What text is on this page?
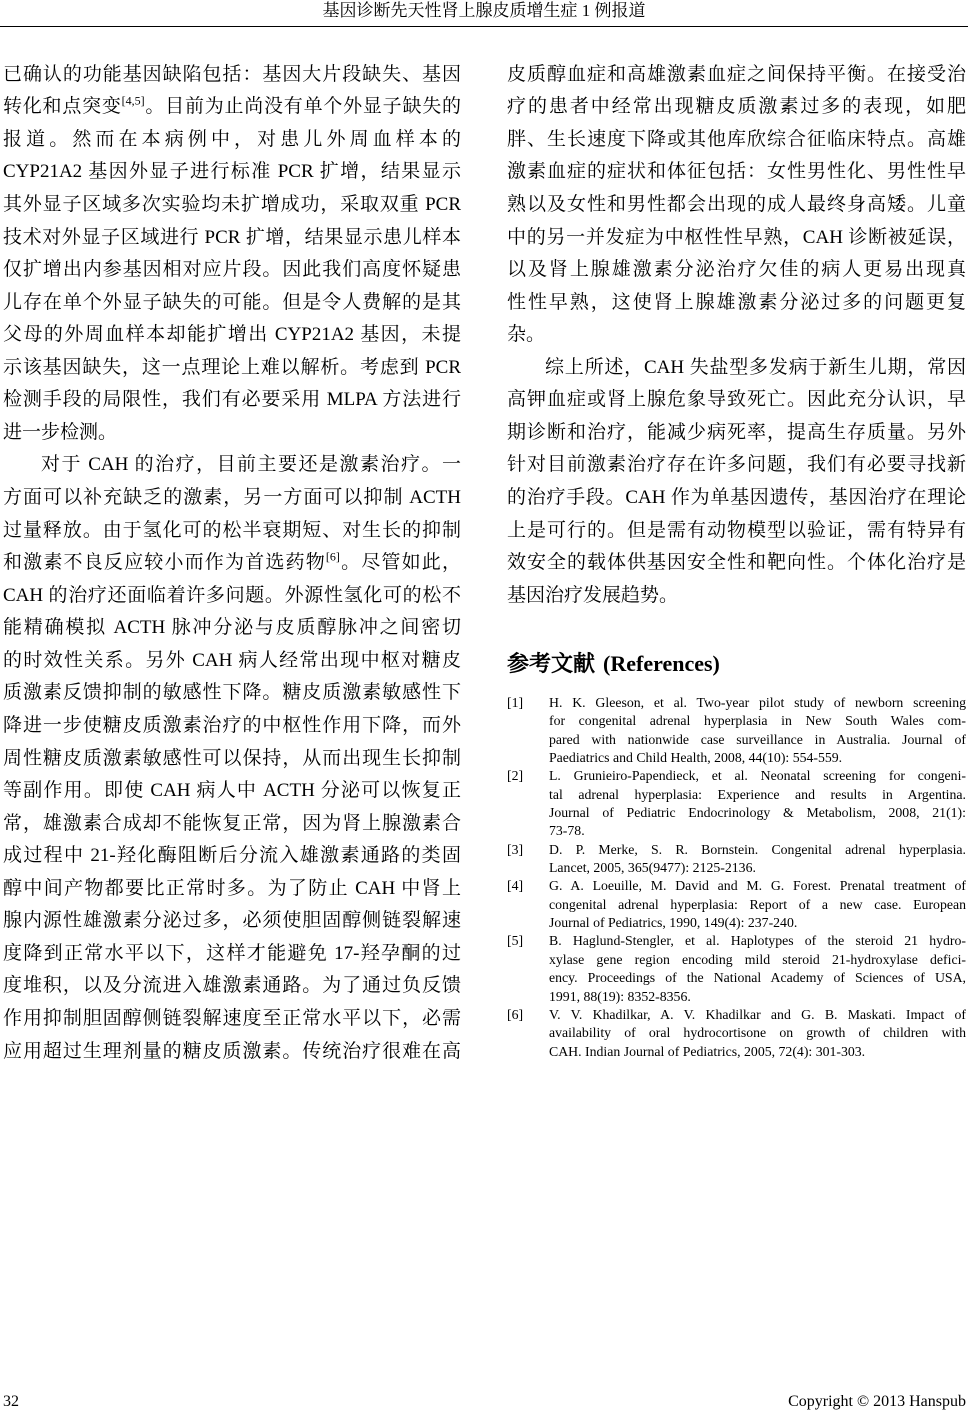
基因诊断先天性肾上腺皮质增生症 1 例报道
已确认的功能基因缺陷包括：基因大片段缺失、基因
转化和点突变[4,5]。目前为止尚没有单个外显子缺失的
报道。然而在本病例中，对患儿外周血样本的
CYP21A2 基因外显子进行标准 PCR 扩增，结果显示
其外显子区域多次实验均未扩增成功，采取双重 PCR
技术对外显子区域进行 PCR 扩增，结果显示患儿样本
仅扩增出内参基因相对应片段。因此我们高度怀疑患
儿存在单个外显子缺失的可能。但是令人费解的是其
父母的外周血样本却能扩增出 CYP21A2 基因，未提
示该基因缺失，这一点理论上难以解析。考虑到 PCR
检测手段的局限性，我们有必要采用 MLPA 方法进行
进一步检测。
对于 CAH 的治疗，目前主要还是激素治疗。一
方面可以补充缺乏的激素，另一方面可以抑制 ACTH
过量释放。由于氢化可的松半衰期短、对生长的抑制
和激素不良反应较小而作为首选药物[6]。尽管如此，
CAH 的治疗还面临着许多问题。外源性氢化可的松不
能精确模拟 ACTH 脉冲分泌与皮质醇脉冲之间密切
的时效性关系。另外 CAH 病人经常出现中枢对糖皮
质激素反馈抑制的敏感性下降。糖皮质激素敏感性下
降进一步使糖皮质激素治疗的中枢性作用下降，而外
周性糖皮质激素敏感性可以保持，从而出现生长抑制
等副作用。即使 CAH 病人中 ACTH 分泌可以恢复正
常，雄激素合成却不能恢复正常，因为肾上腺激素合
成过程中 21-羟化酶阻断后分流入雄激素通路的类固
醇中间产物都要比正常时多。为了防止 CAH 中肾上
腺内源性雄激素分泌过多，必须使胆固醇侧链裂解速
度降到正常水平以下，这样才能避免 17-羟孕酮的过
度堆积，以及分流进入雄激素通路。为了通过负反馈
作用抑制胆固醇侧链裂解速度至正常水平以下，必需
应用超过生理剂量的糖皮质激素。传统治疗很难在高
皮质醇血症和高雄激素血症之间保持平衡。在接受治
疗的患者中经常出现糖皮质激素过多的表现，如肥
胖、生长速度下降或其他库欣综合征临床特点。高雄
激素血症的症状和体征包括：女性男性化、男性性早
熟以及女性和男性都会出现的成人最终身高矮。儿童
中的另一并发症为中枢性性早熟，CAH 诊断被延误，
以及肾上腺雄激素分泌治疗欠佳的病人更易出现真
性性早熟，这使肾上腺雄激素分泌过多的问题更复
杂。
综上所述，CAH 失盐型多发病于新生儿期，常因
高钾血症或肾上腺危象导致死亡。因此充分认识，早
期诊断和治疗，能减少病死率，提高生存质量。另外
针对目前激素治疗存在许多问题，我们有必要寻找新
的治疗手段。CAH 作为单基因遗传，基因治疗在理论
上是可行的。但是需有动物模型以验证，需有特异有
效安全的载体供基因安全性和靶向性。个体化治疗是
基因治疗发展趋势。
参考文献 (References)
[1] H. K. Gleeson, et al. Two-year pilot study of newborn screening
for congenital adrenal hyperplasia in New South Wales com-
pared with nationwide case surveillance in Australia. Journal of
Paediatrics and Child Health, 2008, 44(10): 554-559.
[2] L. Grunieiro-Papendieck, et al. Neonatal screening for congeni-
tal adrenal hyperplasia: Experience and results in Argentina.
Journal of Pediatric Endocrinology & Metabolism, 2008, 21(1):
73-78.
[3] D. P. Merke, S. R. Bornstein. Congenital adrenal hyperplasia.
Lancet, 2005, 365(9477): 2125-2136.
[4] G. A. Loeuille, M. David and M. G. Forest. Prenatal treatment of
congenital adrenal hyperplasia: Report of a new case. European
Journal of Pediatrics, 1990, 149(4): 237-240.
[5] B. Haglund-Stengler, et al. Haplotypes of the steroid 21 hydro-
xylase gene region encoding mild steroid 21-hydroxylase defici-
ency. Proceedings of the National Academy of Sciences of USA,
1991, 88(19): 8352-8356.
[6] V. V. Khadilkar, A. V. Khadilkar and G. B. Maskati. Impact of
availability of oral hydrocortisone on growth of children with
CAH. Indian Journal of Pediatrics, 2005, 72(4): 301-303.
32	Copyright © 2013 Hanspub
